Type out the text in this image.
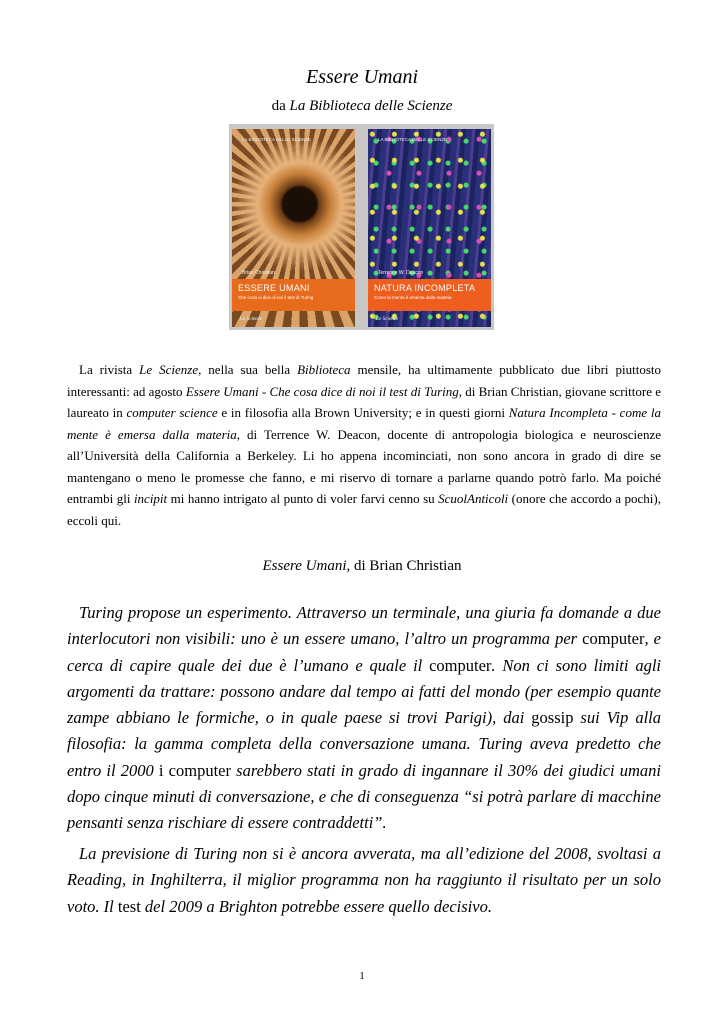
Essere Umani
da La Biblioteca delle Scienze
LA BIBLIOTECA DELLE SCIENZE
Brian Christian
ESSERE UMANI
Che cosa ci dice di noi il test di Turing
Le Scienze
LA BIBLIOTECA DELLE SCIENZE
Terrence W. Deacon
NATURA INCOMPLETA
Come la mente è emersa dalla materia
Le Scienze
La rivista Le Scienze, nella sua bella Biblioteca mensile, ha ultimamente pubblicato due libri piuttosto interessanti: ad agosto Essere Umani - Che cosa dice di noi il test di Turing, di Brian Christian, giovane scrittore e laureato in computer science e in filosofia alla Brown University; e in questi giorni Natura Incompleta - come la mente è emersa dalla materia, di Terrence W. Deacon, docente di antropologia biologica e neuroscienze all’Università della California a Berkeley. Li ho appena incominciati, non sono ancora in grado di dire se mantengano o meno le promesse che fanno, e mi riservo di tornare a parlarne quando potrò farlo. Ma poiché entrambi gli incipit mi hanno intrigato al punto di voler farvi cenno su ScuolAnticoli (onore che accordo a pochi), eccoli qui.
Essere Umani, di Brian Christian
Turing propose un esperimento. Attraverso un terminale, una giuria fa domande a due interlocutori non visibili: uno è un essere umano, l’altro un programma per computer, e cerca di capire quale dei due è l’umano e quale il computer. Non ci sono limiti agli argomenti da trattare: possono andare dal tempo ai fatti del mondo (per esempio quante zampe abbiano le formiche, o in quale paese si trovi Parigi), dai gossip sui Vip alla filosofia: la gamma completa della conversazione umana. Turing aveva predetto che entro il 2000 i computer sarebbero stati in grado di ingannare il 30% dei giudici umani dopo cinque minuti di conversazione, e che di conseguenza “si potrà parlare di macchine pensanti senza rischiare di essere contraddetti”.
La previsione di Turing non si è ancora avverata, ma all’edizione del 2008, svoltasi a Reading, in Inghilterra, il miglior programma non ha raggiunto il risultato per un solo voto. Il test del 2009 a Brighton potrebbe essere quello decisivo.
1
